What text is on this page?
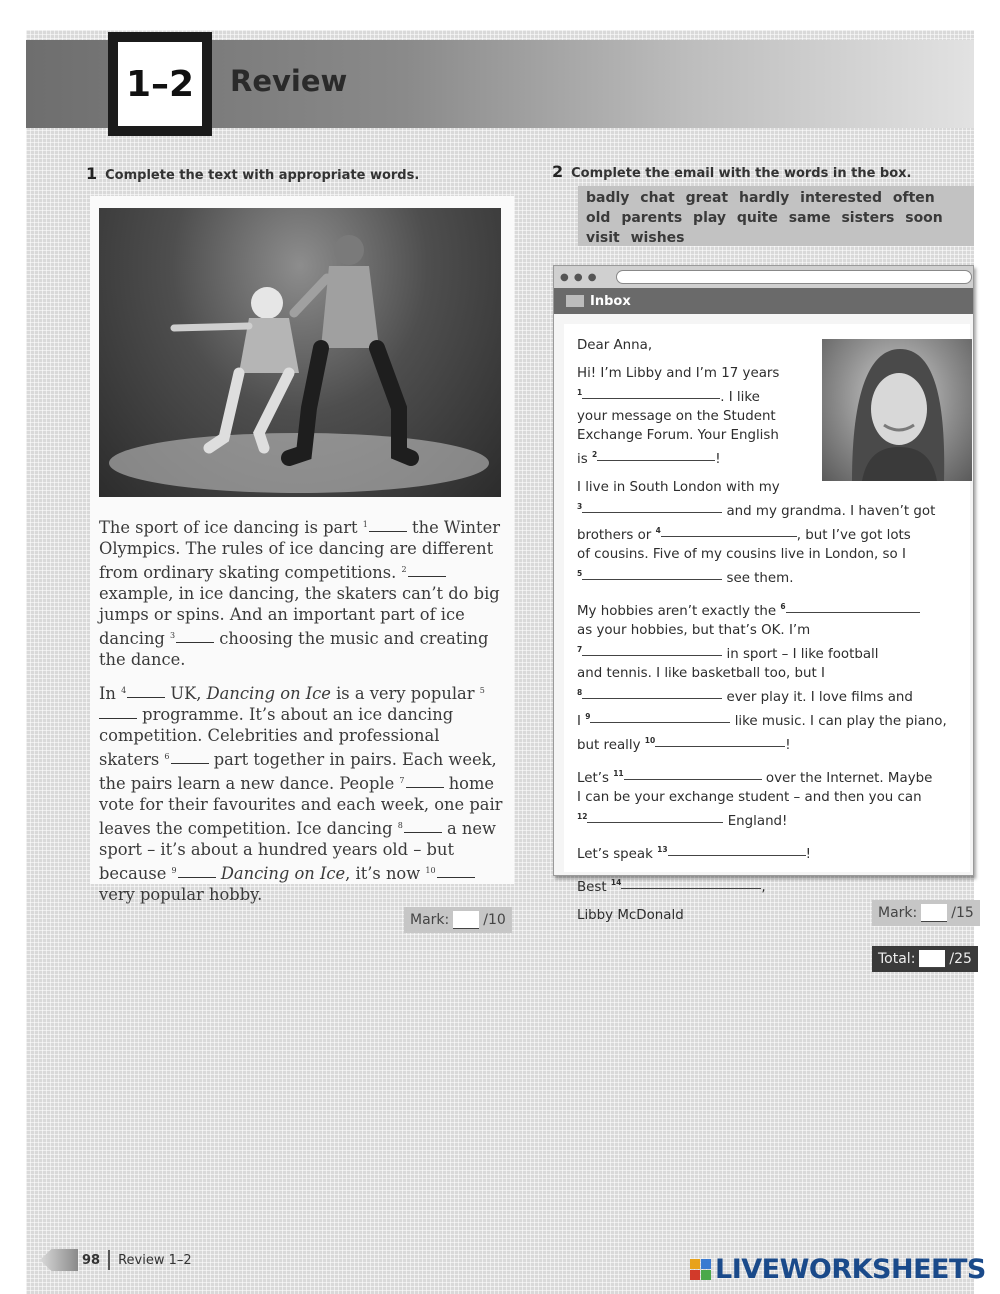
1–2 Review
1 Complete the text with appropriate words.

The sport of ice dancing is part $^1$ the Winter Olympics. The rules of ice dancing are different from ordinary skating competitions. $^2$ example, in ice dancing, the skaters can’t do big jumps or spins. And an important part of ice dancing $^3$ choosing the music and creating the dance.

In $^4$ UK, Dancing on Ice is a very popular $^5$ programme. It’s about an ice dancing competition. Celebrities and professional skaters $^6$ part together in pairs. Each week, the pairs learn a new dance. People $^7$ home vote for their favourites and each week, one pair leaves the competition. Ice dancing $^8$ a new sport – it’s about a hundred years old – but because $^9$	Dancing on Ice, it’s now $^{10}$ very popular hobby.

Mark: /10
2 Complete the email with the words in the box.
badly chat great hardly interested often old parents play quite same sisters soon visit wishes
● ● ●
Inbox
Dear Anna,
Hi! I’m Libby and I’m 17 years
$^1$	. I like
your message on the Student
Exchange Forum. Your English
is $^2$	!
I live in South London with my
$^3$	and my grandma. I haven’t got
brothers or $^4$	, but I’ve got lots
of cousins. Five of my cousins live in London, so I
$^5$	see them.
My hobbies aren’t exactly the $^6$
as your hobbies, but that’s OK. I’m
$^7$	in sport – I like football
and tennis. I like basketball too, but I
$^8$	ever play it. I love films and
I $^9$	like music. I can play the piano,
but really $^{10}$	!
Let’s $^{11}$	over the Internet. Maybe
I can be your exchange student – and then you can
$^{12}$	England!
Let’s speak $^{13}$	!
Best $^{14}$	,
Libby McDonald	Mark: /15
Total: /25
98 Review 1–2	LIVEWORKSHEETS
